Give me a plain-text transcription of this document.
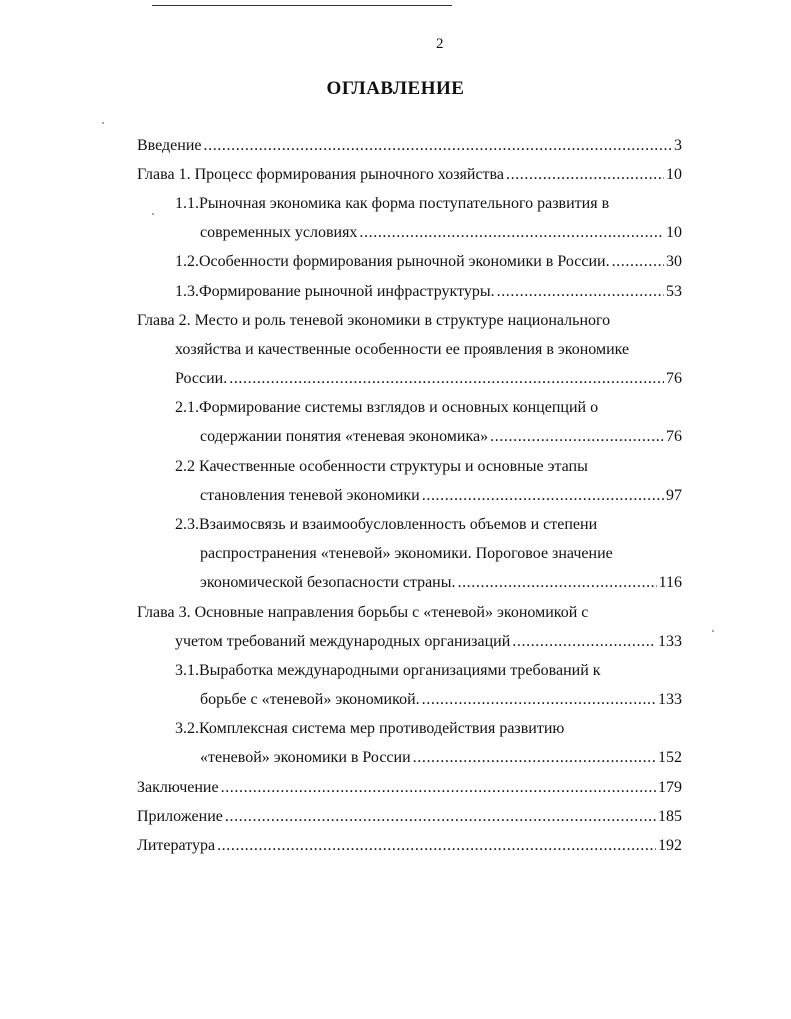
2
ОГЛАВЛЕНИЕ
Введение .....	3
Глава 1. Процесс формирования рыночного хозяйства .....	10
1.1.Рыночная экономика как форма поступательного развития в
современных условиях .....	10
1.2.Особенности формирования рыночной экономики в России. .....	30
1.3.Формирование рыночной инфраструктуры. .....	53
Глава 2. Место и роль теневой экономики в структуре национального
хозяйства и качественные особенности ее проявления в экономике
России. .....	76
2.1.Формирование системы взглядов и основных концепций о
содержании понятия «теневая экономика» .....	76
2.2 Качественные особенности структуры и основные этапы
становления теневой экономики .....	97
2.3.Взаимосвязь и взаимообусловленность объемов и степени
распространения «теневой» экономики. Пороговое значение
экономической безопасности страны. .....	116
Глава 3. Основные направления борьбы с «теневой» экономикой с
учетом требований международных организаций .....	133
3.1.Выработка международными организациями требований к
борьбе с «теневой» экономикой. .....	133
3.2.Комплексная система мер противодействия развитию
«теневой» экономики в России .....	152
Заключение .....	179
Приложение .....	185
Литература .....	192
